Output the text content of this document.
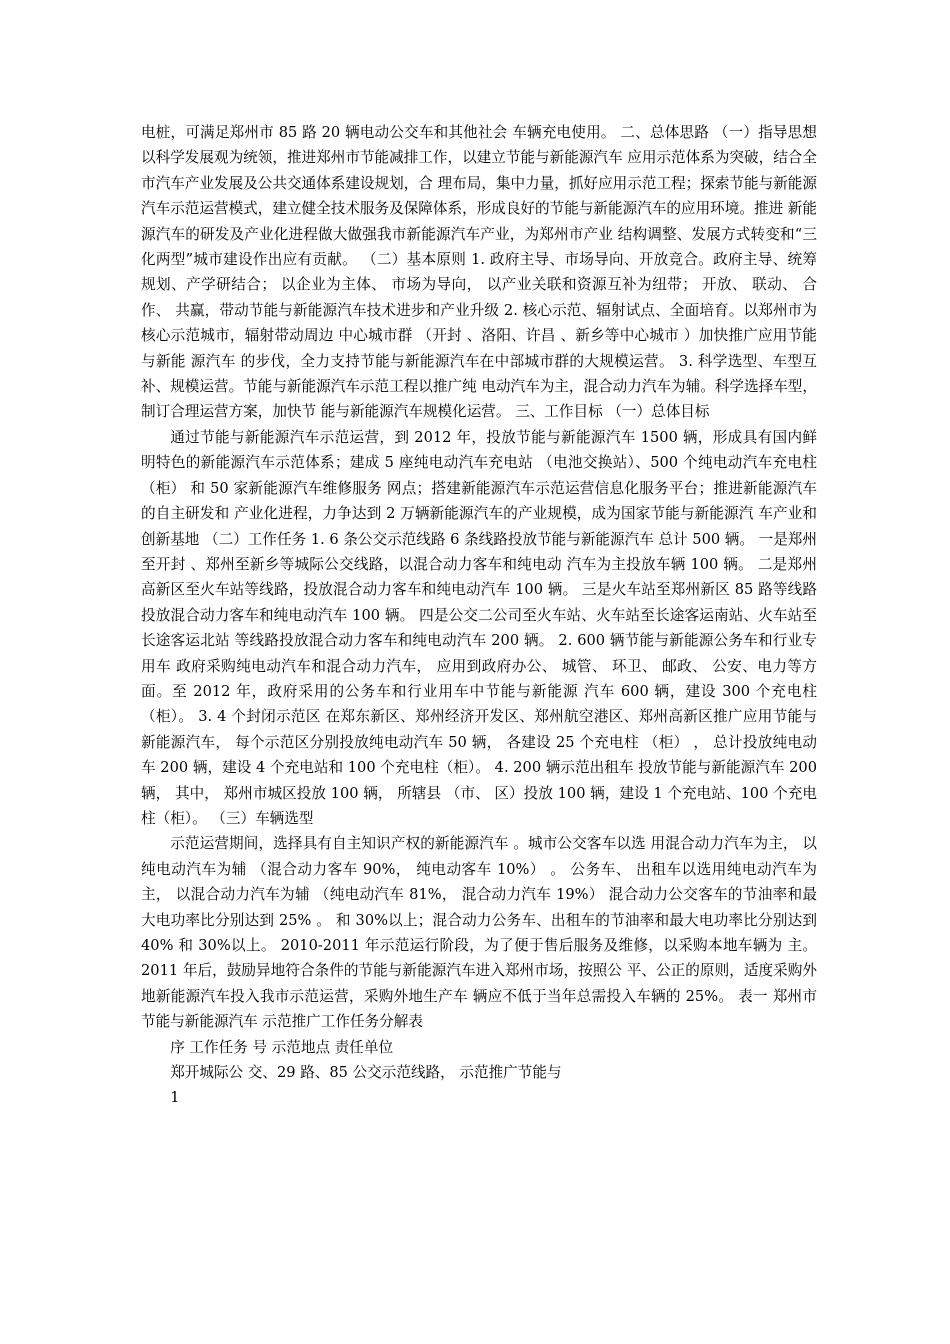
电桩，可满足郑州市 85 路 20 辆电动公交车和其他社会 车辆充电使用。 二、总体思路 （一）指导思想 以科学发展观为统领，推进郑州市节能减排工作，以建立节能与新能源汽车 应用示范体系为突破，结合全市汽车产业发展及公共交通体系建设规划，合 理布局，集中力量，抓好应用示范工程；探索节能与新能源汽车示范运营模式，建立健全技术服务及保障体系，形成良好的节能与新能源汽车的应用环境。推进 新能源汽车的研发及产业化进程做大做强我市新能源汽车产业，为郑州市产业 结构调整、发展方式转变和“三化两型”城市建设作出应有贡献。 （二）基本原则 1. 政府主导、市场导向、开放竞合。政府主导、统筹规划、产学研结合； 以企业为主体、 市场为导向， 以产业关联和资源互补为纽带； 开放、 联动、 合作、 共赢，带动节能与新能源汽车技术进步和产业升级 2. 核心示范、辐射试点、全面培育。以郑州市为核心示范城市，辐射带动周边 中心城市群 （开封 、洛阳、许昌 、新乡等中心城市 ）加快推广应用节能与新能 源汽车 的步伐，全力支持节能与新能源汽车在中部城市群的大规模运营。 3. 科学选型、车型互补、规模运营。节能与新能源汽车示范工程以推广纯 电动汽车为主，混合动力汽车为辅。科学选择车型，制订合理运营方案，加快节 能与新能源汽车规模化运营。 三、工作目标 （一）总体目标

通过节能与新能源汽车示范运营，到 2012 年，投放节能与新能源汽车 1500 辆，形成具有国内鲜明特色的新能源汽车示范体系；建成 5 座纯电动汽车充电站 （电池交换站）、500 个纯电动汽车充电柱（柜） 和 50 家新能源汽车维修服务 网点；搭建新能源汽车示范运营信息化服务平台；推进新能源汽车的自主研发和 产业化进程，力争达到 2 万辆新能源汽车的产业规模，成为国家节能与新能源汽 车产业和创新基地 （二）工作任务 1. 6 条公交示范线路 6 条线路投放节能与新能源汽车 总计 500 辆。 一是郑州至开封 、郑州至新乡等城际公交线路，以混合动力客车和纯电动 汽车为主投放车辆 100 辆。 二是郑州高新区至火车站等线路，投放混合动力客车和纯电动汽车 100 辆。 三是火车站至郑州新区 85 路等线路投放混合动力客车和纯电动汽车 100 辆。 四是公交二公司至火车站、火车站至长途客运南站、火车站至长途客运北站 等线路投放混合动力客车和纯电动汽车 200 辆。 2. 600 辆节能与新能源公务车和行业专用车 政府采购纯电动汽车和混合动力汽车， 应用到政府办公、 城管、 环卫、 邮政、 公安、电力等方面。至 2012 年，政府采用的公务车和行业用车中节能与新能源 汽车 600 辆，建设 300 个充电柱（柜）。 3. 4 个封闭示范区 在郑东新区、郑州经济开发区、郑州航空港区、郑州高新区推广应用节能与 新能源汽车， 每个示范区分别投放纯电动汽车 50 辆， 各建设 25 个充电柱 （柜） ， 总计投放纯电动车 200 辆，建设 4 个充电站和 100 个充电柱（柜）。 4. 200 辆示范出租车 投放节能与新能源汽车 200 辆， 其中， 郑州市城区投放 100 辆， 所辖县 （市、 区）投放 100 辆，建设 1 个充电站、100 个充电柱（柜）。 （三）车辆选型

示范运营期间，选择具有自主知识产权的新能源汽车 。城市公交客车以选 用混合动力汽车为主， 以纯电动汽车为辅 （混合动力客车 90%， 纯电动客车 10%） 。 公务车、 出租车以选用纯电动汽车为主， 以混合动力汽车为辅 （纯电动汽车 81%， 混合动力汽车 19%） 混合动力公交客车的节油率和最大电功率比分别达到 25% 。 和 30%以上；混合动力公务车、出租车的节油率和最大电功率比分别达到 40% 和 30%以上。 2010-2011 年示范运行阶段，为了便于售后服务及维修，以采购本地车辆为 主。2011 年后，鼓励异地符合条件的节能与新能源汽车进入郑州市场，按照公 平、公正的原则，适度采购外地新能源汽车投入我市示范运营，采购外地生产车 辆应不低于当年总需投入车辆的 25%。 表一 郑州市节能与新能源汽车 示范推广工作任务分解表

序 工作任务 号 示范地点 责任单位

郑开城际公 交、29 路、85 公交示范线路， 示范推广节能与

1
